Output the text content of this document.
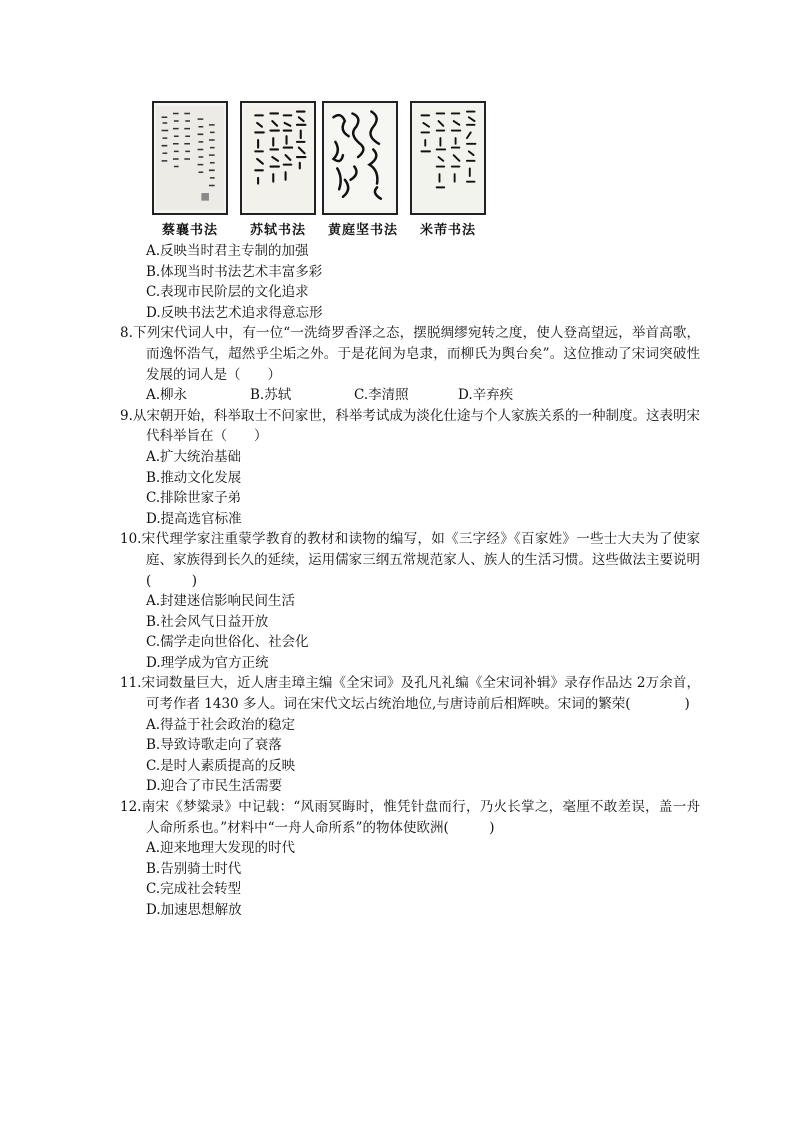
蔡襄书法	苏轼书法	黄庭坚书法	米芾书法
A.反映当时君主专制的加强
B.体现当时书法艺术丰富多彩
C.表现市民阶层的文化追求
D.反映书法艺术追求得意忘形
8.下列宋代词人中，有一位“一洗绮罗香泽之态，摆脱绸缪宛转之度，使人登高望远，举首高歌，而逸怀浩气，超然乎尘垢之外。于是花间为皂隶，而柳氏为舆台矣”。这位推动了宋词突破性发展的词人是（　　）
A.柳永	B.苏轼	C.李清照	D.辛弃疾
9.从宋朝开始，科举取士不问家世，科举考试成为淡化仕途与个人家族关系的一种制度。这表明宋代科举旨在（　　）
A.扩大统治基础
B.推动文化发展
C.排除世家子弟
D.提高选官标准
10.宋代理学家注重蒙学教育的教材和读物的编写，如《三字经》《百家姓》一些士大夫为了使家庭、家族得到长久的延续，运用儒家三纲五常规范家人、族人的生活习惯。这些做法主要说明(　　　)
A.封建迷信影响民间生活
B.社会风气日益开放
C.儒学走向世俗化、社会化
D.理学成为官方正统
11.宋词数量巨大，近人唐圭璋主编《全宋词》及孔凡礼编《全宋词补辑》录存作品达 2万余首，可考作者 1430 多人。词在宋代文坛占统治地位,与唐诗前后相辉映。宋词的繁荣(　　　　)
A.得益于社会政治的稳定
B.导致诗歌走向了衰落
C.是时人素质提高的反映
D.迎合了市民生活需要
12.南宋《梦粱录》中记载：“风雨冥晦时，惟凭针盘而行，乃火长掌之，毫厘不敢差误，盖一舟人命所系也。”材料中“一舟人命所系”的物体使欧洲(　　　)
A.迎来地理大发现的时代
B.告别骑士时代
C.完成社会转型
D.加速思想解放
